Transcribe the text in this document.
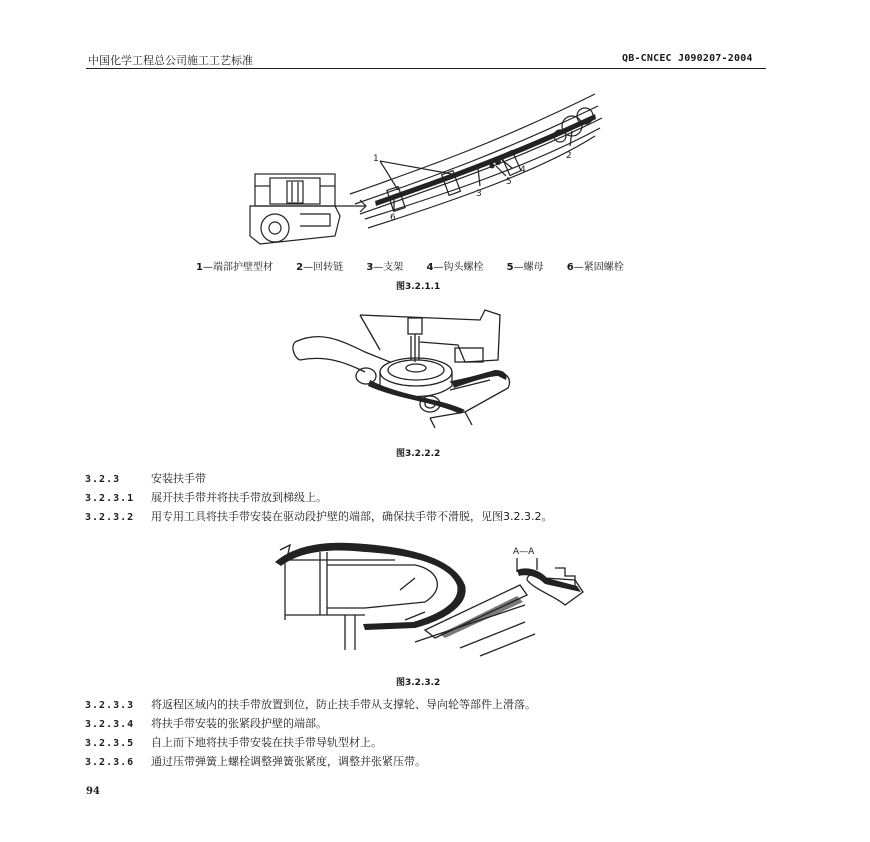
中国化学工程总公司施工工艺标准	QB-CNCEC J090207-2004
1	2
3
4
5
6
1—端部护壁型材 2—回转链 3—支架 4—钩头螺栓 5—螺母 6—紧固螺栓
图3.2.1.1
图3.2.2.2
3.2.3	安装扶手带
3.2.3.1 展开扶手带并将扶手带放到梯级上。
3.2.3.2 用专用工具将扶手带安装在驱动段护壁的端部，确保扶手带不滑脱，见图3.2.3.2。
A—A
图3.2.3.2
3.2.3.3 将返程区域内的扶手带放置到位，防止扶手带从支撑轮、导向轮等部件上滑落。
3.2.3.4 将扶手带安装的张紧段护壁的端部。
3.2.3.5 自上而下地将扶手带安装在扶手带导轨型材上。
3.2.3.6 通过压带弹簧上螺栓调整弹簧张紧度，调整并张紧压带。
94
